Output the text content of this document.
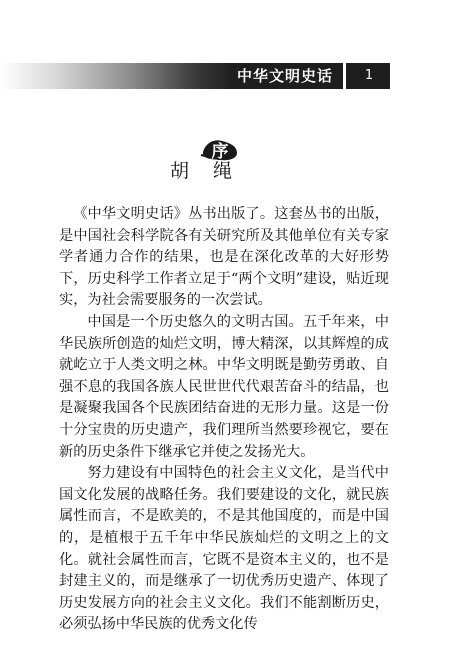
中华文明史话	1
序
胡绳

《中华文明史话》丛书出版了。这套丛书的出版，是中国社会科学院各有关研究所及其他单位有关专家学者通力合作的结果，也是在深化改革的大好形势下，历史科学工作者立足于“两个文明”建设，贴近现实，为社会需要服务的一次尝试。

中国是一个历史悠久的文明古国。五千年来，中华民族所创造的灿烂文明，博大精深，以其辉煌的成就屹立于人类文明之林。中华文明既是勤劳勇敢、自强不息的我国各族人民世世代代艰苦奋斗的结晶，也是凝聚我国各个民族团结奋进的无形力量。这是一份十分宝贵的历史遗产，我们理所当然要珍视它，要在新的历史条件下继承它并使之发扬光大。

努力建设有中国特色的社会主义文化，是当代中国文化发展的战略任务。我们要建设的文化，就民族属性而言，不是欧美的，不是其他国度的，而是中国的，是植根于五千年中华民族灿烂的文明之上的文化。就社会属性而言，它既不是资本主义的，也不是封建主义的，而是继承了一切优秀历史遗产、体现了历史发展方向的社会主义文化。我们不能割断历史，必须弘扬中华民族的优秀文化传
